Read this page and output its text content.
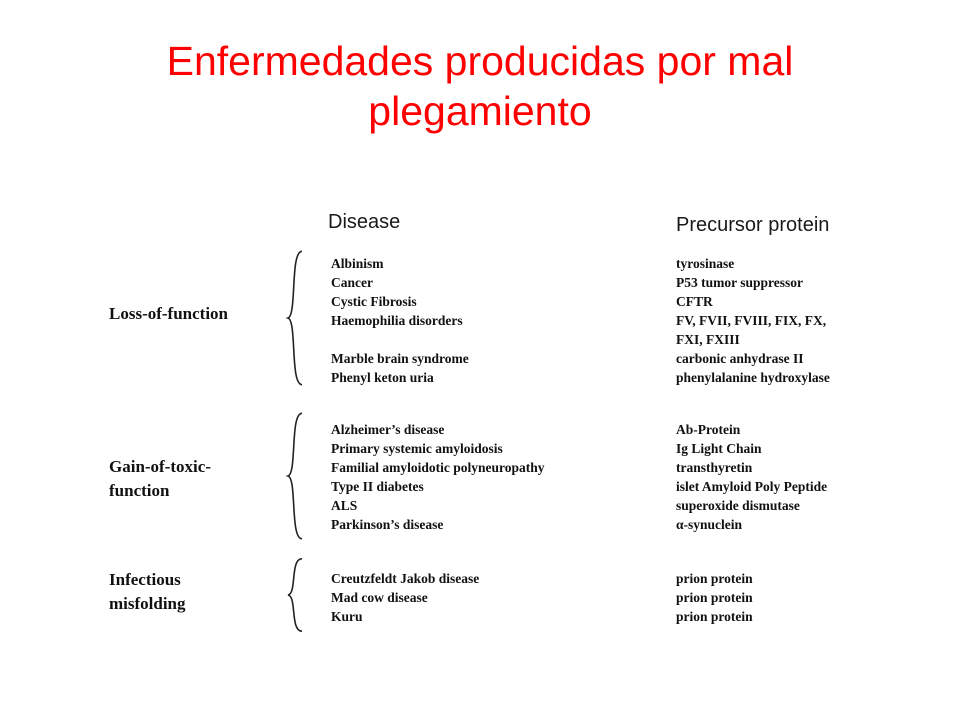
Enfermedades producidas por mal plegamiento
Disease	Precursor protein
Loss-of-function
Albinism
Cancer
Cystic Fibrosis
Haemophilia disorders
Marble brain syndrome
Phenyl keton uria
tyrosinase
P53 tumor suppressor
CFTR
FV, FVII, FVIII, FIX, FX,
FXI, FXIII
carbonic anhydrase II
phenylalanine hydroxylase
Gain-of-toxic-
function
Alzheimer’s disease
Primary systemic amyloidosis
Familial amyloidotic polyneuropathy
Type II diabetes
ALS
Parkinson’s disease
Ab-Protein
Ig Light Chain
transthyretin
islet Amyloid Poly Peptide
superoxide dismutase
α-synuclein
Infectious
misfolding
Creutzfeldt Jakob disease
Mad cow disease
Kuru
prion protein
prion protein
prion protein
